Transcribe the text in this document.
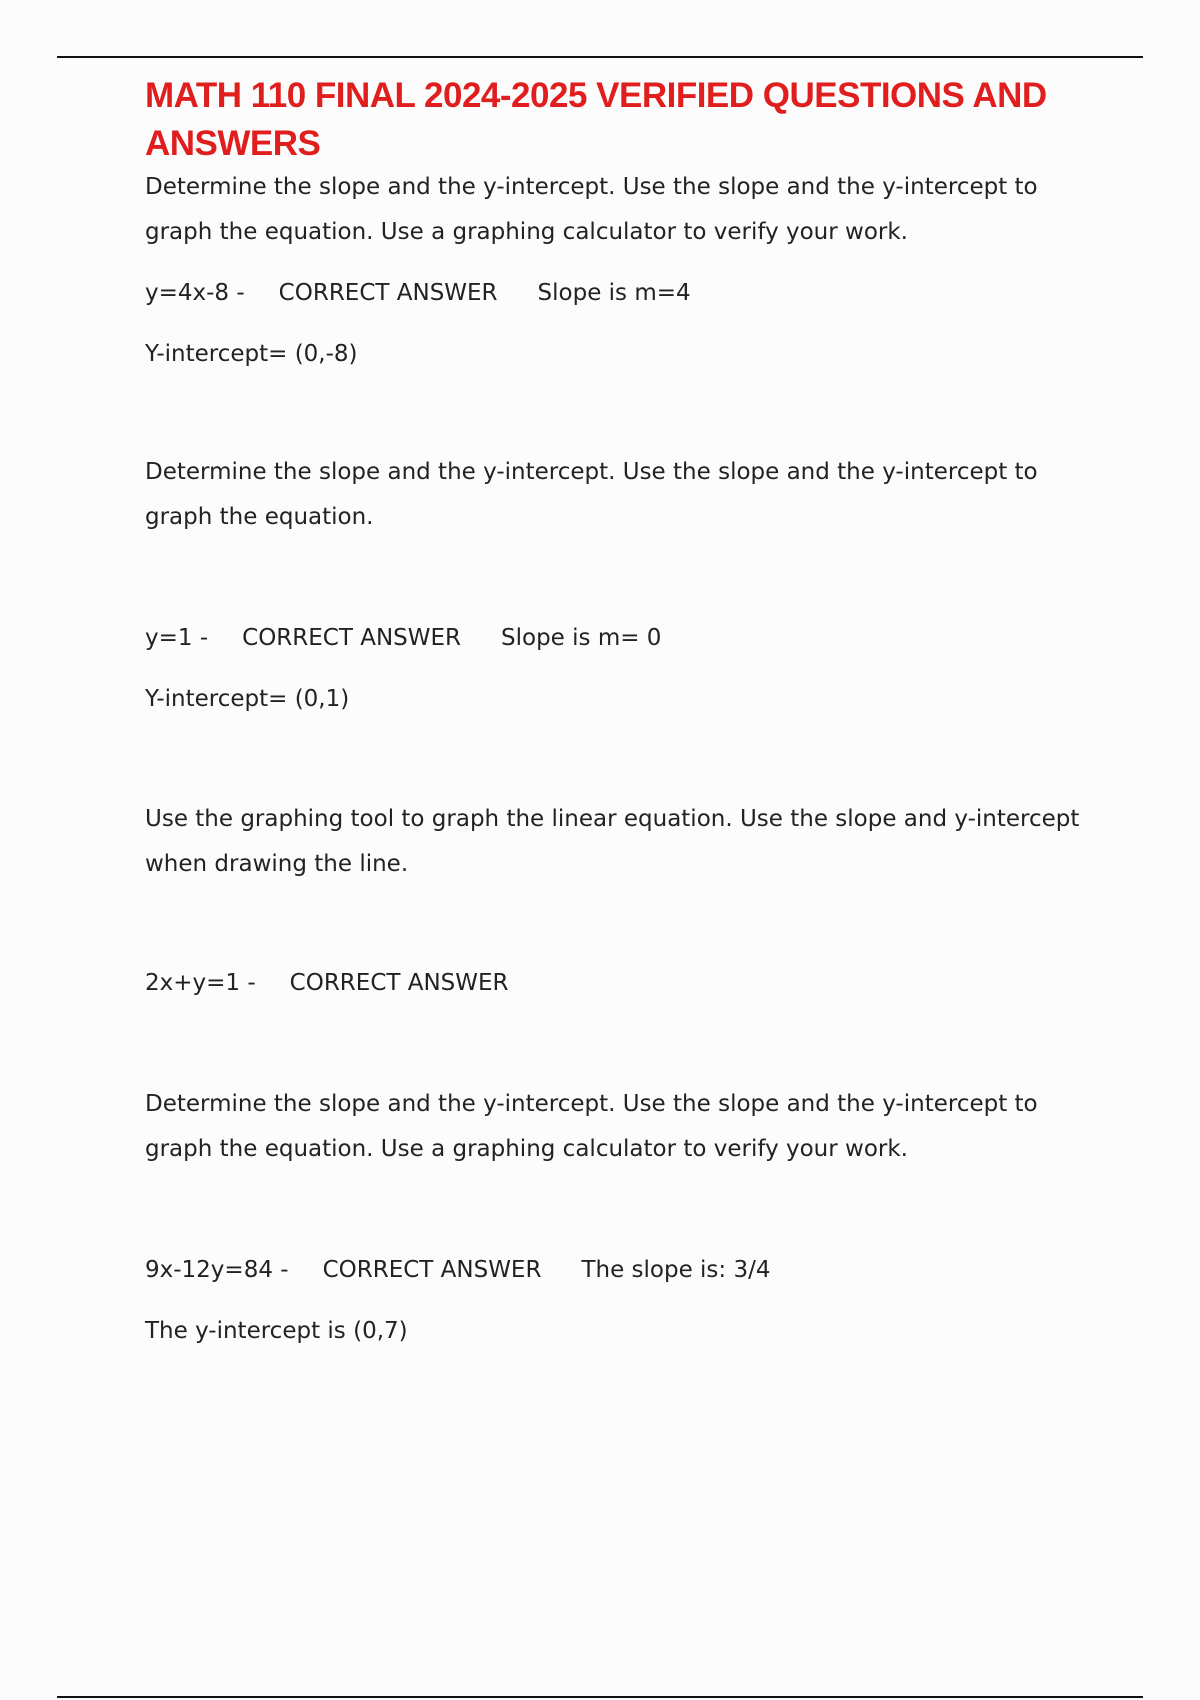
MATH 110 FINAL 2024-2025 VERIFIED QUESTIONS AND ANSWERS

Determine the slope and the y-intercept. Use the slope and the y-intercept to graph the equation. Use a graphing calculator to verify your work.

y=4x-8 - CORRECT ANSWER Slope is m=4

Y-intercept= (0,-8)

Determine the slope and the y-intercept. Use the slope and the y-intercept to graph the equation.

y=1 - CORRECT ANSWER Slope is m= 0

Y-intercept= (0,1)

Use the graphing tool to graph the linear equation. Use the slope and y-intercept when drawing the line.

2x+y=1 - CORRECT ANSWER

Determine the slope and the y-intercept. Use the slope and the y-intercept to graph the equation. Use a graphing calculator to verify your work.

9x-12y=84 - CORRECT ANSWER The slope is: 3/4

The y-intercept is (0,7)
